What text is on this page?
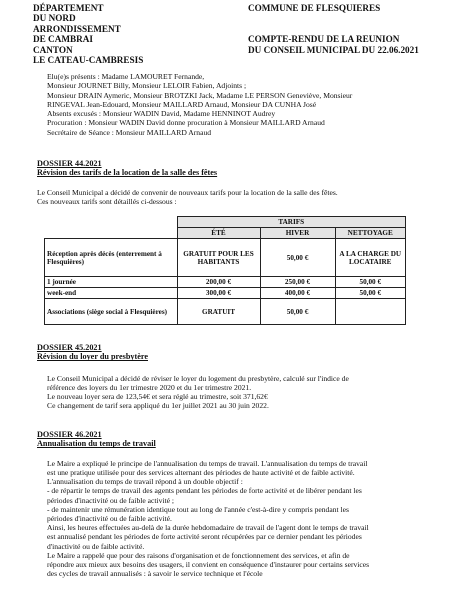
DÉPARTEMENT
DU NORD
ARRONDISSEMENT
DE CAMBRAI
CANTON
LE CATEAU-CAMBRESIS
COMMUNE DE FLESQUIERES
COMPTE-RENDU DE LA REUNION
DU CONSEIL MUNICIPAL DU 22.06.2021
Elu(e)s présents : Madame LAMOURET Fernande,
Monsieur JOURNET Billy, Monsieur LELOIR Fabien, Adjoints ;
Monsieur DRAIN Aymeric, Monsieur BROTZKI Jack, Madame LE PERSON Geneviève, Monsieur
RINGEVAL Jean-Edouard, Monsieur MAILLARD Arnaud, Monsieur DA CUNHA José
Absents excusés : Monsieur WADIN David, Madame HENNINOT Audrey
Procuration : Monsieur WADIN David donne procuration à Monsieur MAILLARD Arnaud
Secrétaire de Séance : Monsieur MAILLARD Arnaud
DOSSIER 44.2021
Révision des tarifs de la location de la salle des fêtes
Le Conseil Municipal a décidé de convenir de nouveaux tarifs pour la location de la salle des fêtes.
Ces nouveaux tarifs sont détaillés ci-dessous :
	TARIFS		
	ÉTÉ	HIVER	NETTOYAGE
Réception après décès (enterrement à Flesquières)	GRATUIT POUR LES HABITANTS	50,00 €	A LA CHARGE DU LOCATAIRE
1 journée	200,00 €	250,00 €	50,00 €
week-end	300,00 €	400,00 €	50,00 €
Associations (siège social à Flesquières)	GRATUIT	50,00 €	
DOSSIER 45.2021
Révision du loyer du presbytère
Le Conseil Municipal a décidé de réviser le loyer du logement du presbytère, calculé sur l'indice de
référence des loyers du 1er trimestre 2020 et du 1er trimestre 2021.
Le nouveau loyer sera de 123,54€ et sera réglé au trimestre, soit 371,62€
Ce changement de tarif sera appliqué du 1er juillet 2021 au 30 juin 2022.
DOSSIER 46.2021
Annualisation du temps de travail
Le Maire a expliqué le principe de l'annualisation du temps de travail. L'annualisation du temps de travail
est une pratique utilisée pour des services alternant des périodes de haute activité et de faible activité.
L'annualisation du temps de travail répond à un double objectif :
- de répartir le temps de travail des agents pendant les périodes de forte activité et de libérer pendant les
périodes d'inactivité ou de faible activité ;
- de maintenir une rémunération identique tout au long de l'année c'est-à-dire y compris pendant les
périodes d'inactivité ou de faible activité.
Ainsi, les heures effectuées au-delà de la durée hebdomadaire de travail de l'agent dont le temps de travail
est annualisé pendant les périodes de forte activité seront récupérées par ce dernier pendant les périodes
d'inactivité ou de faible activité.
Le Maire a rappelé que pour des raisons d'organisation et de fonctionnement des services, et afin de
répondre aux mieux aux besoins des usagers, il convient en conséquence d'instaurer pour certains services
des cycles de travail annualisés : à savoir le service technique et l'école
